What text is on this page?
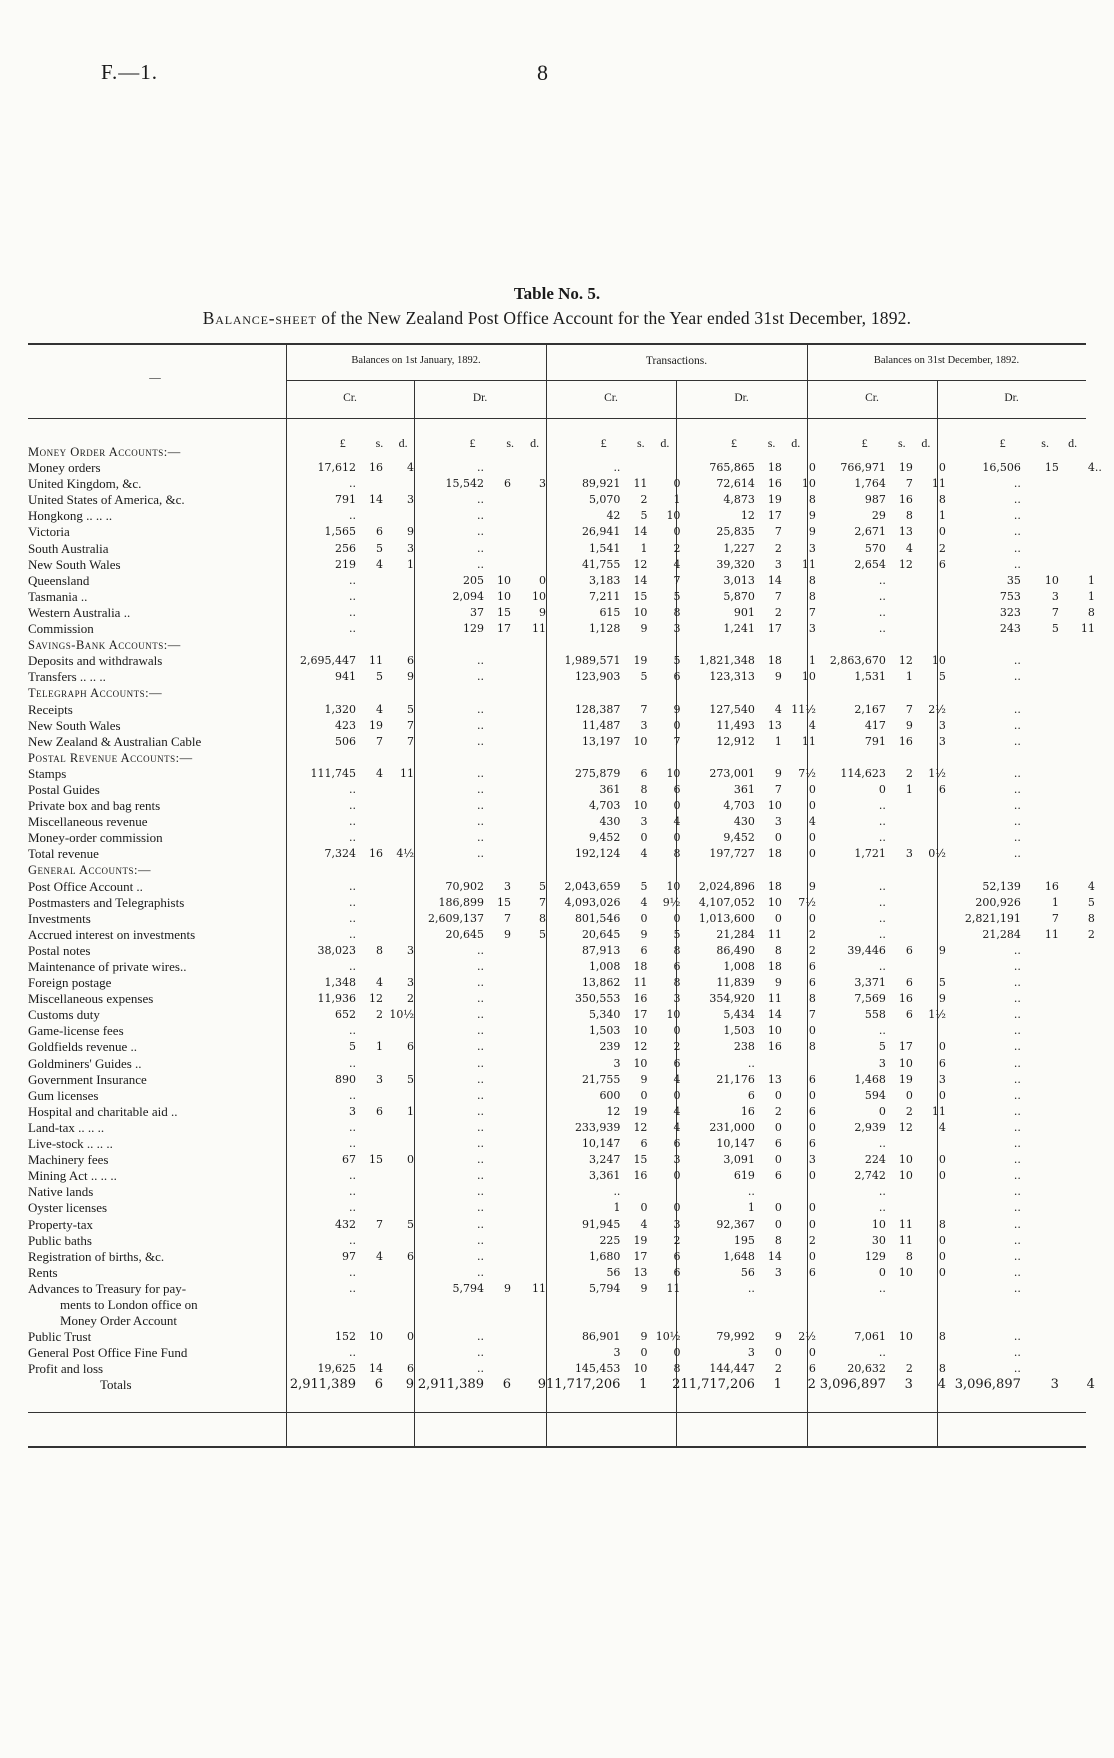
F.—1.	8
Table No. 5.
Balance-sheet of the New Zealand Post Office Account for the Year ended 31st December, 1892.
—
Balances on 1st January, 1892.	Transactions.	Balances on 31st December, 1892.
Cr.	Dr.	Cr.	Dr.	Cr.	Dr.
£ s. d.	£	s. d.	£	s. d.	£	s. d.	£	s. d.	£	s. d.
Money Order Accounts:—																				
Money orders	17,612	16	4	..			..			765,865	18	0	766,971	19	0	16,506	15	4	..		
United Kingdom, &c.	..			15,542	6	3	89,921	11	0	72,614	16	10	1,764	7	11	..				
United States of America, &c.	791	14	3	..			5,070	2	1	4,873	19	8	987	16	8	..				
Hongkong .. .. ..	..			..			42	5	10	12	17	9	29	8	1	..				
Victoria	1,565	6	9	..			26,941	14	0	25,835	7	9	2,671	13	0	..				
South Australia	256	5	3	..			1,541	1	2	1,227	2	3	570	4	2	..				
New South Wales	219	4	1	..			41,755	12	4	39,320	3	11	2,654	12	6	..				
Queensland	..			205	10	0	3,183	14	7	3,013	14	8	..			35	10	1		
Tasmania ..	..			2,094	10	10	7,211	15	5	5,870	7	8	..			753	3	1		
Western Australia ..	..			37	15	9	615	10	8	901	2	7	..			323	7	8		
Commission	..			129	17	11	1,128	9	3	1,241	17	3	..			243	5	11		
Savings-Bank Accounts:—																				
Deposits and withdrawals	2,695,447	11	6	..			1,989,571	19	5	1,821,348	18	1	2,863,670	12	10	..				
Transfers .. .. ..	941	5	9	..			123,903	5	6	123,313	9	10	1,531	1	5	..				
Telegraph Accounts:—																				
Receipts	1,320	4	5	..			128,387	7	9	127,540	4	11½	2,167	7	2½	..				
New South Wales	423	19	7	..			11,487	3	0	11,493	13	4	417	9	3	..				
New Zealand & Australian Cable	506	7	7	..			13,197	10	7	12,912	1	11	791	16	3	..				
Postal Revenue Accounts:—																				
Stamps	111,745	4	11	..			275,879	6	10	273,001	9	7½	114,623	2	1½	..				
Postal Guides	..			..			361	8	6	361	7	0	0	1	6	..				
Private box and bag rents	..			..			4,703	10	0	4,703	10	0	..			..				
Miscellaneous revenue	..			..			430	3	4	430	3	4	..			..				
Money-order commission	..			..			9,452	0	0	9,452	0	0	..			..				
Total revenue	7,324	16	4½	..			192,124	4	8	197,727	18	0	1,721	3	0½	..				
General Accounts:—																				
Post Office Account ..	..			70,902	3	5	2,043,659	5	10	2,024,896	18	9	..			52,139	16	4		
Postmasters and Telegraphists	..			186,899	15	7	4,093,026	4	9½	4,107,052	10	7½	..			200,926	1	5		
Investments	..			2,609,137	7	8	801,546	0	0	1,013,600	0	0	..			2,821,191	7	8		
Accrued interest on investments	..			20,645	9	5	20,645	9	5	21,284	11	2	..			21,284	11	2		
Postal notes	38,023	8	3	..			87,913	6	8	86,490	8	2	39,446	6	9	..				
Maintenance of private wires..	..			..			1,008	18	6	1,008	18	6	..			..				
Foreign postage	1,348	4	3	..			13,862	11	8	11,839	9	6	3,371	6	5	..				
Miscellaneous expenses	11,936	12	2	..			350,553	16	3	354,920	11	8	7,569	16	9	..				
Customs duty	652	2	10½	..			5,340	17	10	5,434	14	7	558	6	1½	..				
Game-license fees	..			..			1,503	10	0	1,503	10	0	..			..				
Goldfields revenue ..	5	1	6	..			239	12	2	238	16	8	5	17	0	..				
Goldminers' Guides ..	..			..			3	10	6	..			3	10	6	..				
Government Insurance	890	3	5	..			21,755	9	4	21,176	13	6	1,468	19	3	..				
Gum licenses	..			..			600	0	0	6	0	0	594	0	0	..				
Hospital and charitable aid ..	3	6	1	..			12	19	4	16	2	6	0	2	11	..				
Land-tax .. .. ..	..			..			233,939	12	4	231,000	0	0	2,939	12	4	..				
Live-stock .. .. ..	..			..			10,147	6	6	10,147	6	6	..			..				
Machinery fees	67	15	0	..			3,247	15	3	3,091	0	3	224	10	0	..				
Mining Act .. .. ..	..			..			3,361	16	0	619	6	0	2,742	10	0	..				
Native lands	..			..			..			..			..			..				
Oyster licenses	..			..			1	0	0	1	0	0	..			..				
Property-tax	432	7	5	..			91,945	4	3	92,367	0	0	10	11	8	..				
Public baths	..			..			225	19	2	195	8	2	30	11	0	..				
Registration of births, &c.	97	4	6	..			1,680	17	6	1,648	14	0	129	8	0	..				
Rents	..			..			56	13	6	56	3	6	0	10	0	..				
Advances to Treasury for pay-	..			5,794	9	11	5,794	9	11	..			..			..				
ments to London office on																				
Money Order Account																				
Public Trust	152	10	0	..			86,901	9	10½	79,992	9	2½	7,061	10	8	..				
General Post Office Fine Fund	..			..			3	0	0	3	0	0	..			..				
Profit and loss	19,625	14	6	..			145,453	10	8	144,447	2	6	20,632	2	8	..				
Totals	2,911,389	6	9	2,911,389	6	9	11,717,206	1	2	11,717,206	1	2	3,096,897	3	4	3,096,897	3	4		
